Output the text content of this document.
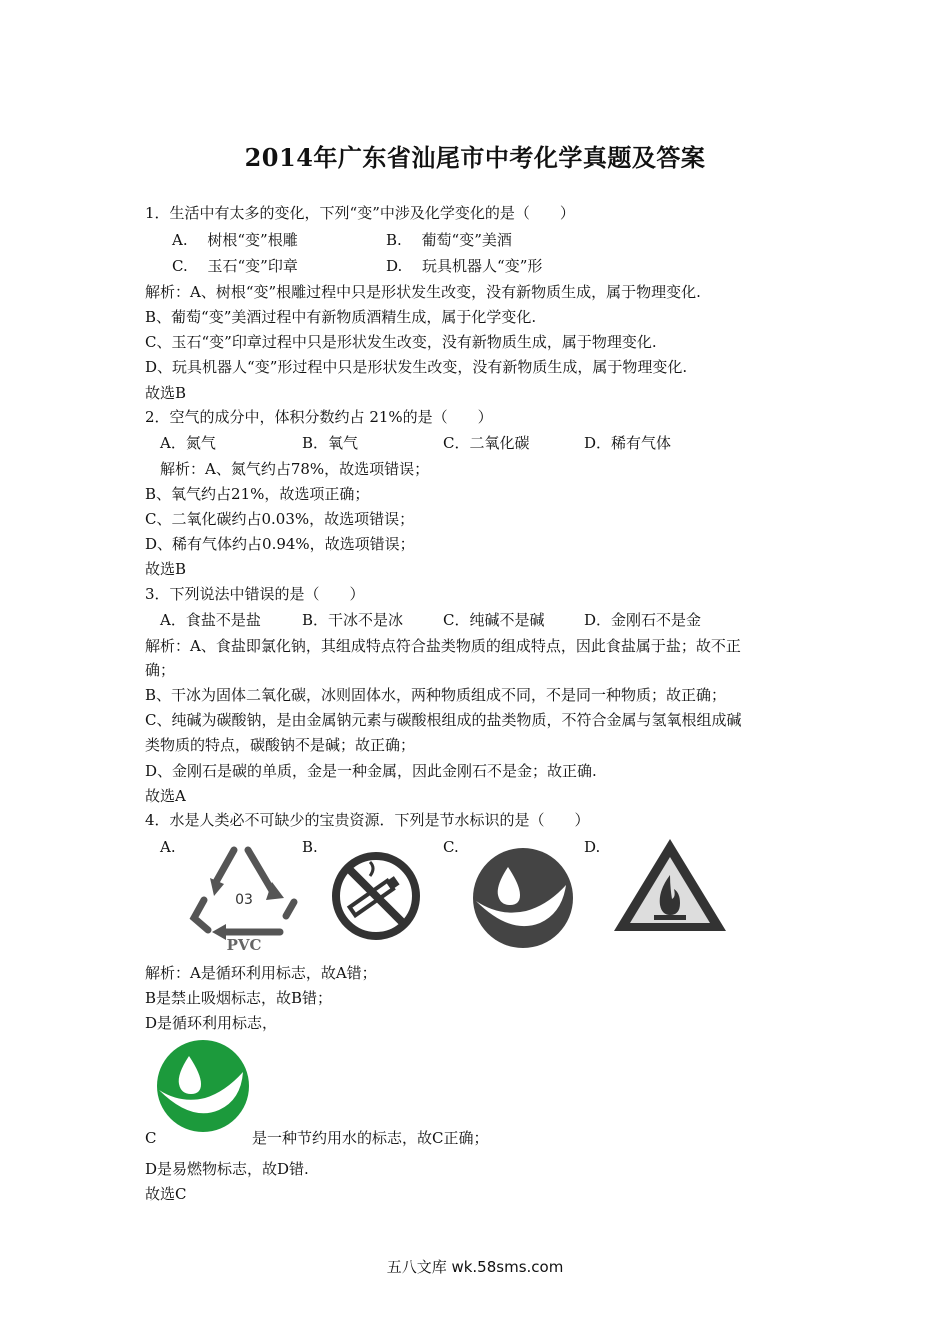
2014年广东省汕尾市中考化学真题及答案
1．生活中有太多的变化，下列“变”中涉及化学变化的是（　　）
A.　 树根“变”根雕	B.　 葡萄“变”美酒
C.　 玉石“变”印章	D.　 玩具机器人“变”形
解析：A、树根“变”根雕过程中只是形状发生改变，没有新物质生成，属于物理变化.
B、葡萄“变”美酒过程中有新物质酒精生成，属于化学变化.
C、玉石“变”印章过程中只是形状发生改变，没有新物质生成，属于物理变化.
D、玩具机器人“变”形过程中只是形状发生改变，没有新物质生成，属于物理变化.
故选B
2．空气的成分中，体积分数约占 21%的是（　　）
A．氮气	B．氧气	C．二氧化碳	D．稀有气体
解析：A、氮气约占78%，故选项错误；
B、氧气约占21%，故选项正确；
C、二氧化碳约占0.03%，故选项错误；
D、稀有气体约占0.94%，故选项错误；
故选B
3．下列说法中错误的是（　　）
A．食盐不是盐	B．干冰不是冰	C．纯碱不是碱	D．金刚石不是金
解析：A、食盐即氯化钠，其组成特点符合盐类物质的组成特点，因此食盐属于盐；故不正
确；
B、干冰为固体二氧化碳，冰则固体水，两种物质组成不同，不是同一种物质；故正确；
C、纯碱为碳酸钠，是由金属钠元素与碳酸根组成的盐类物质，不符合金属与氢氧根组成碱
类物质的特点，碳酸钠不是碱；故正确；
D、金刚石是碳的单质，金是一种金属，因此金刚石不是金；故正确.
故选A
4．水是人类必不可缺少的宝贵资源．下列是节水标识的是（　　）
A.	B.	C.	D.
03
PVC
解析：A是循环利用标志，故A错；
B是禁止吸烟标志，故B错；
D是循环利用标志，
C	是一种节约用水的标志，故C正确；
D是易燃物标志，故D错.
故选C
五八文库 wk.58sms.com
